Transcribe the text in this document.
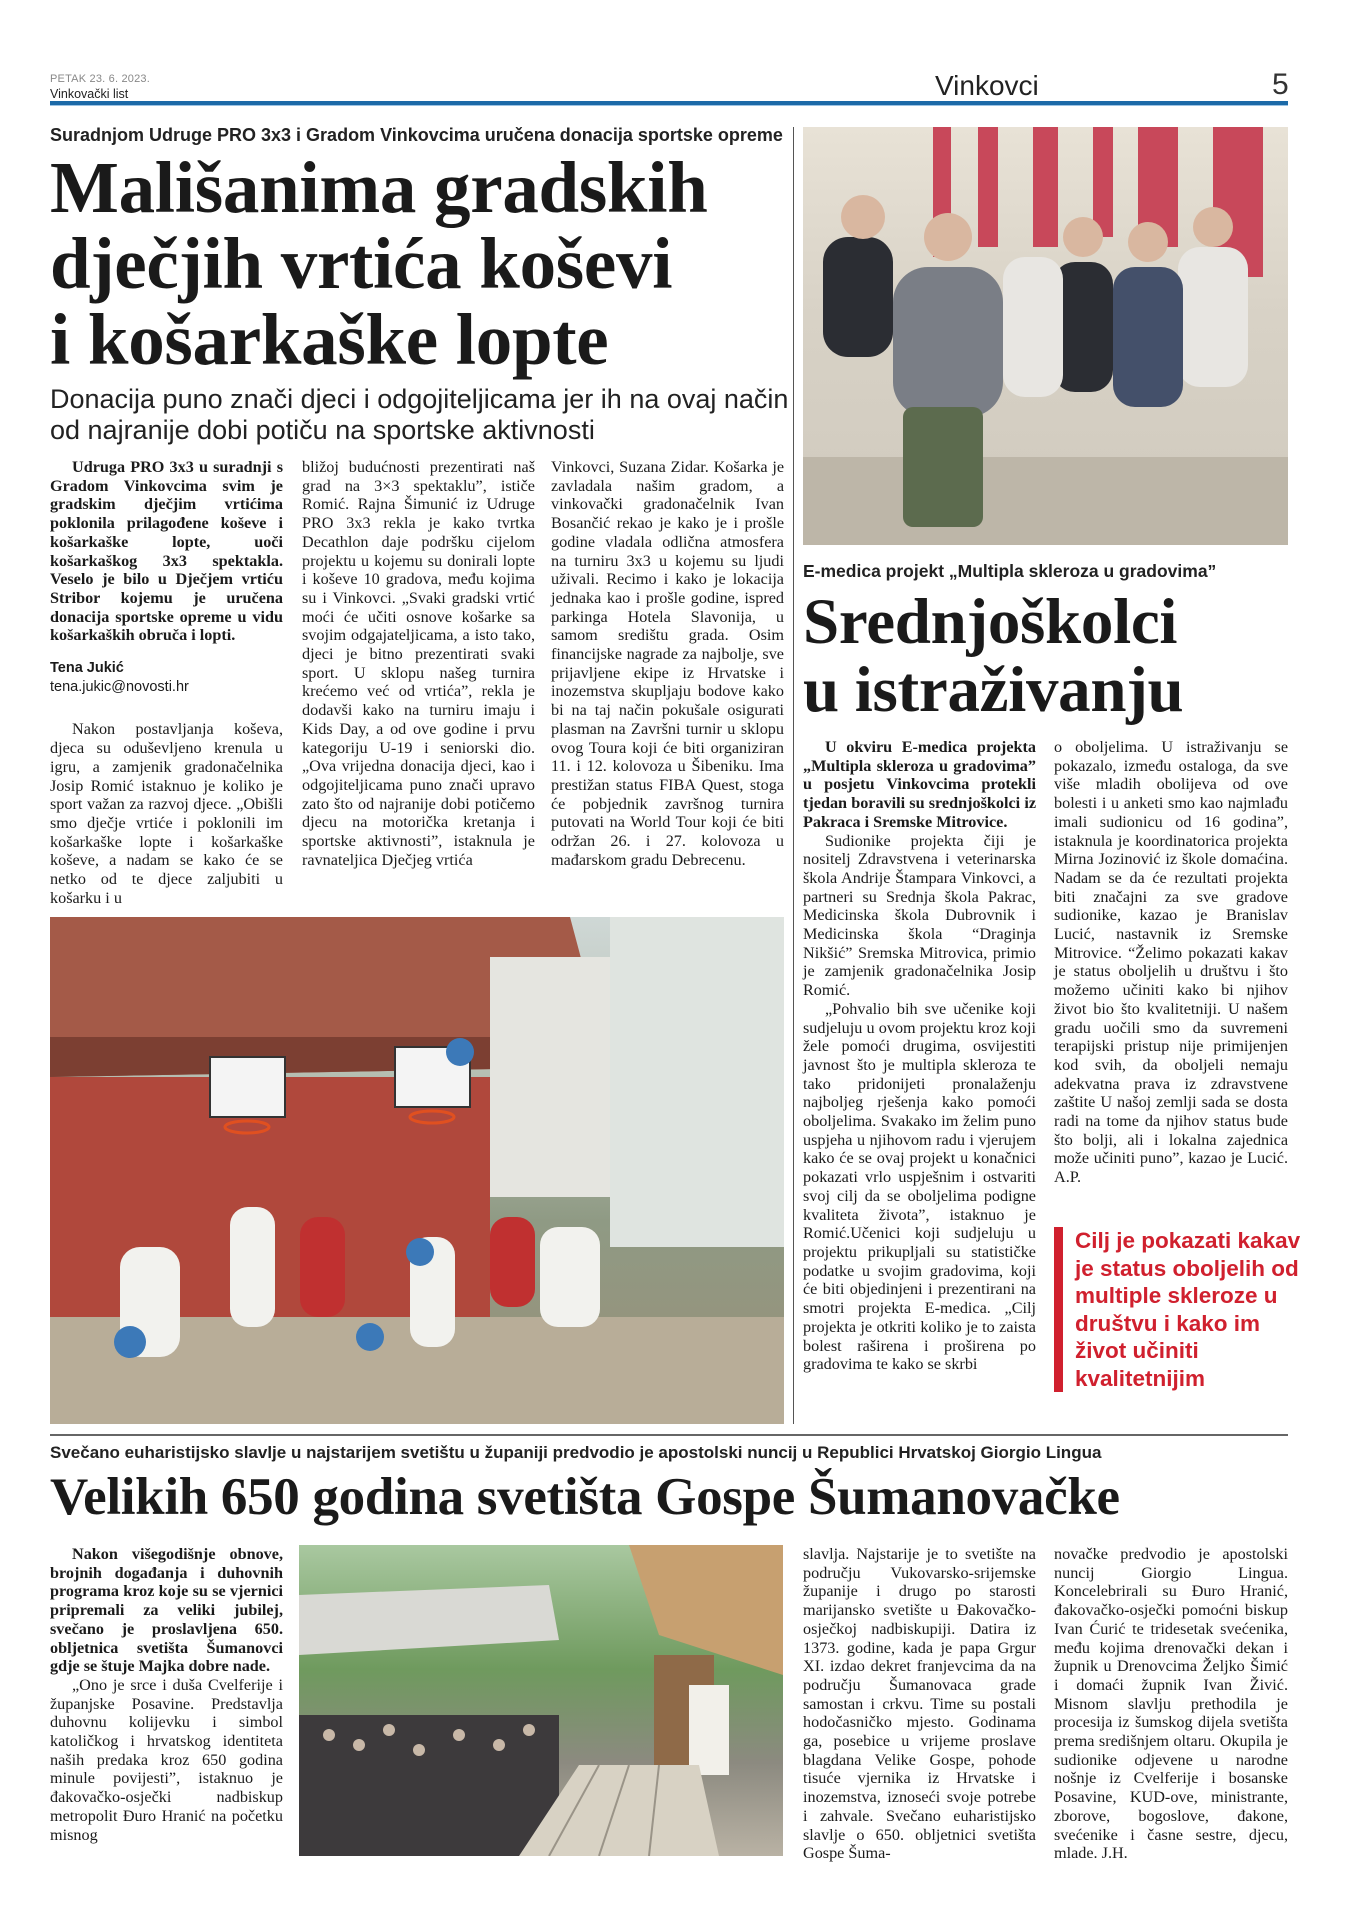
PETAK 23. 6. 2023.
Vinkovački list	Vinkovci	5
Suradnjom Udruge PRO 3x3 i Gradom Vinkovcima uručena donacija sportske opreme
Mališanima gradskih
dječjih vrtića koševi
i košarkaške lopte
Donacija puno znači djeci i odgojiteljicama jer ih na ovaj način od najranije dobi potiču na sportske aktivnosti

Udruga PRO 3x3 u suradnji s Gradom Vinkovcima svim je gradskim dječjim vrtićima poklonila prilagođene koševe i košarkaške lopte, uoči košarkaškog 3x3 spektakla. Veselo je bilo u Dječjem vrtiću Stribor kojemu je uručena donacija sportske opreme u vidu košarkaških obruča i lopti.

Tena Jukić
tena.jukic@novosti.hr

Nakon postavljanja koševa, djeca su oduševljeno krenula u igru, a zamjenik gradonačelnika Josip Romić istaknuo je koliko je sport važan za razvoj djece. „Obišli smo dječje vrtiće i poklonili im košarkaške lopte i košarkaške koševe, a nadam se kako će se netko od te djece zaljubiti u košarku i u

bližoj budućnosti prezentirati naš grad na 3×3 spektaklu”, ističe Romić. Rajna Šimunić iz Udruge PRO 3x3 rekla je kako tvrtka Decathlon daje podršku cijelom projektu u kojemu su donirali lopte i koševe 10 gradova, među kojima su i Vinkovci. „Svaki gradski vrtić moći će učiti osnove košarke sa svojim odgajateljicama, a isto tako, djeci je bitno prezentirati svaki sport. U sklopu našeg turnira krećemo već od vrtića”, rekla je dodavši kako na turniru imaju i Kids Day, a od ove godine i prvu kategoriju U-19 i seniorski dio. „Ova vrijedna donacija djeci, kao i odgojiteljicama puno znači upravo zato što od najranije dobi potičemo djecu na motorička kretanja i sportske aktivnosti”, istaknula je ravnateljica Dječjeg vrtića

Vinkovci, Suzana Zidar. Košarka je zavladala našim gradom, a vinkovački gradonačelnik Ivan Bosančić rekao je kako je i prošle godine vladala odlična atmosfera na turniru 3x3 u kojemu su ljudi uživali. Recimo i kako je lokacija jednaka kao i prošle godine, ispred parkinga Hotela Slavonija, u samom središtu grada. Osim financijske nagrade za najbolje, sve prijavljene ekipe iz Hrvatske i inozemstva skupljaju bodove kako bi na taj način pokušale osigurati plasman na Završni turnir u sklopu ovog Toura koji će biti organiziran 11. i 12. kolovoza u Šibeniku. Ima prestižan status FIBA Quest, stoga će pobjednik završnog turnira putovati na World Tour koji će biti održan 26. i 27. kolovoza u mađarskom gradu Debrecenu.

E-medica projekt „Multipla skleroza u gradovima”
Srednjoškolci
u istraživanju

U okviru E-medica projekta „Multipla skleroza u gradovima” u posjetu Vinkovcima protekli tjedan boravili su srednjoškolci iz Pakraca i Sremske Mitrovice.

Sudionike projekta čiji je nositelj Zdravstvena i veterinarska škola Andrije Štampara Vinkovci, a partneri su Srednja škola Pakrac, Medicinska škola Dubrovnik i Medicinska škola “Draginja Nikšić” Sremska Mitrovica, primio je zamjenik gradonačelnika Josip Romić.

„Pohvalio bih sve učenike koji sudjeluju u ovom projektu kroz koji žele pomoći drugima, osvijestiti javnost što je multipla skleroza te tako pridonijeti pronalaženju najboljeg rješenja kako pomoći oboljelima. Svakako im želim puno uspjeha u njihovom radu i vjerujem kako će se ovaj projekt u konačnici pokazati vrlo uspješnim i ostvariti svoj cilj da se oboljelima podigne kvaliteta života”, istaknuo je Romić.Učenici koji sudjeluju u projektu prikupljali su statističke podatke u svojim gradovima, koji će biti objedinjeni i prezentirani na smotri projekta E-medica. „Cilj projekta je otkriti koliko je to zaista bolest raširena i proširena po gradovima te kako se skrbi

o oboljelima. U istraživanju se pokazalo, između ostaloga, da sve više mladih obolijeva od ove bolesti i u anketi smo kao najmlađu imali sudionicu od 16 godina”, istaknula je koordinatorica projekta Mirna Jozinović iz škole domaćina. Nadam se da će rezultati projekta biti značajni za sve gradove sudionike, kazao je Branislav Lucić, nastavnik iz Sremske Mitrovice. “Želimo pokazati kakav je status oboljelih u društvu i što možemo učiniti kako bi njihov život bio što kvalitetniji. U našem gradu uočili smo da suvremeni terapijski pristup nije primijenjen kod svih, da oboljeli nemaju adekvatna prava iz zdravstvene zaštite U našoj zemlji sada se dosta radi na tome da njihov status bude što bolji, ali i lokalna zajednica može učiniti puno”, kazao je Lucić. A.P.

Cilj je pokazati kakav je status oboljelih od multiple skleroze u društvu i kako im život učiniti kvalitetnijim
Svečano euharistijsko slavlje u najstarijem svetištu u županiji predvodio je apostolski nuncij u Republici Hrvatskoj Giorgio Lingua
Velikih 650 godina svetišta Gospe Šumanovačke

Nakon višegodišnje obnove, brojnih događanja i duhovnih programa kroz koje su se vjernici pripremali za veliki jubilej, svečano je proslavljena 650. obljetnica svetišta Šumanovci gdje se štuje Majka dobre nade.

„Ono je srce i duša Cvelferije i županjske Posavine. Predstavlja duhovnu kolijevku i simbol katoličkog i hrvatskog identiteta naših predaka kroz 650 godina minule povijesti”, istaknuo je đakovačko-osječki nadbiskup metropolit Đuro Hranić na početku misnog

slavlja. Najstarije je to svetište na području Vukovarsko-srijemske županije i drugo po starosti marijansko svetište u Đakovačko-osječkoj nadbiskupiji. Datira iz 1373. godine, kada je papa Grgur XI. izdao dekret franjevcima da na području Šumanovaca grade samostan i crkvu. Time su postali hodočasničko mjesto. Godinama ga, posebice u vrijeme proslave blagdana Velike Gospe, pohode tisuće vjernika iz Hrvatske i inozemstva, iznoseći svoje potrebe i zahvale. Svečano euharistijsko slavlje o 650. obljetnici svetišta Gospe Šuma-

novačke predvodio je apostolski nuncij Giorgio Lingua. Koncelebrirali su Đuro Hranić, đakovačko-osječki pomoćni biskup Ivan Ćurić te tridesetak svećenika, među kojima drenovački dekan i župnik u Drenovcima Željko Šimić i domaći župnik Ivan Živić. Misnom slavlju prethodila je procesija iz šumskog dijela svetišta prema središnjem oltaru. Okupila je sudionike odjevene u narodne nošnje iz Cvelferije i bosanske Posavine, KUD-ove, ministrante, zborove, bogoslove, đakone, svećenike i časne sestre, djecu, mlade. J.H.
